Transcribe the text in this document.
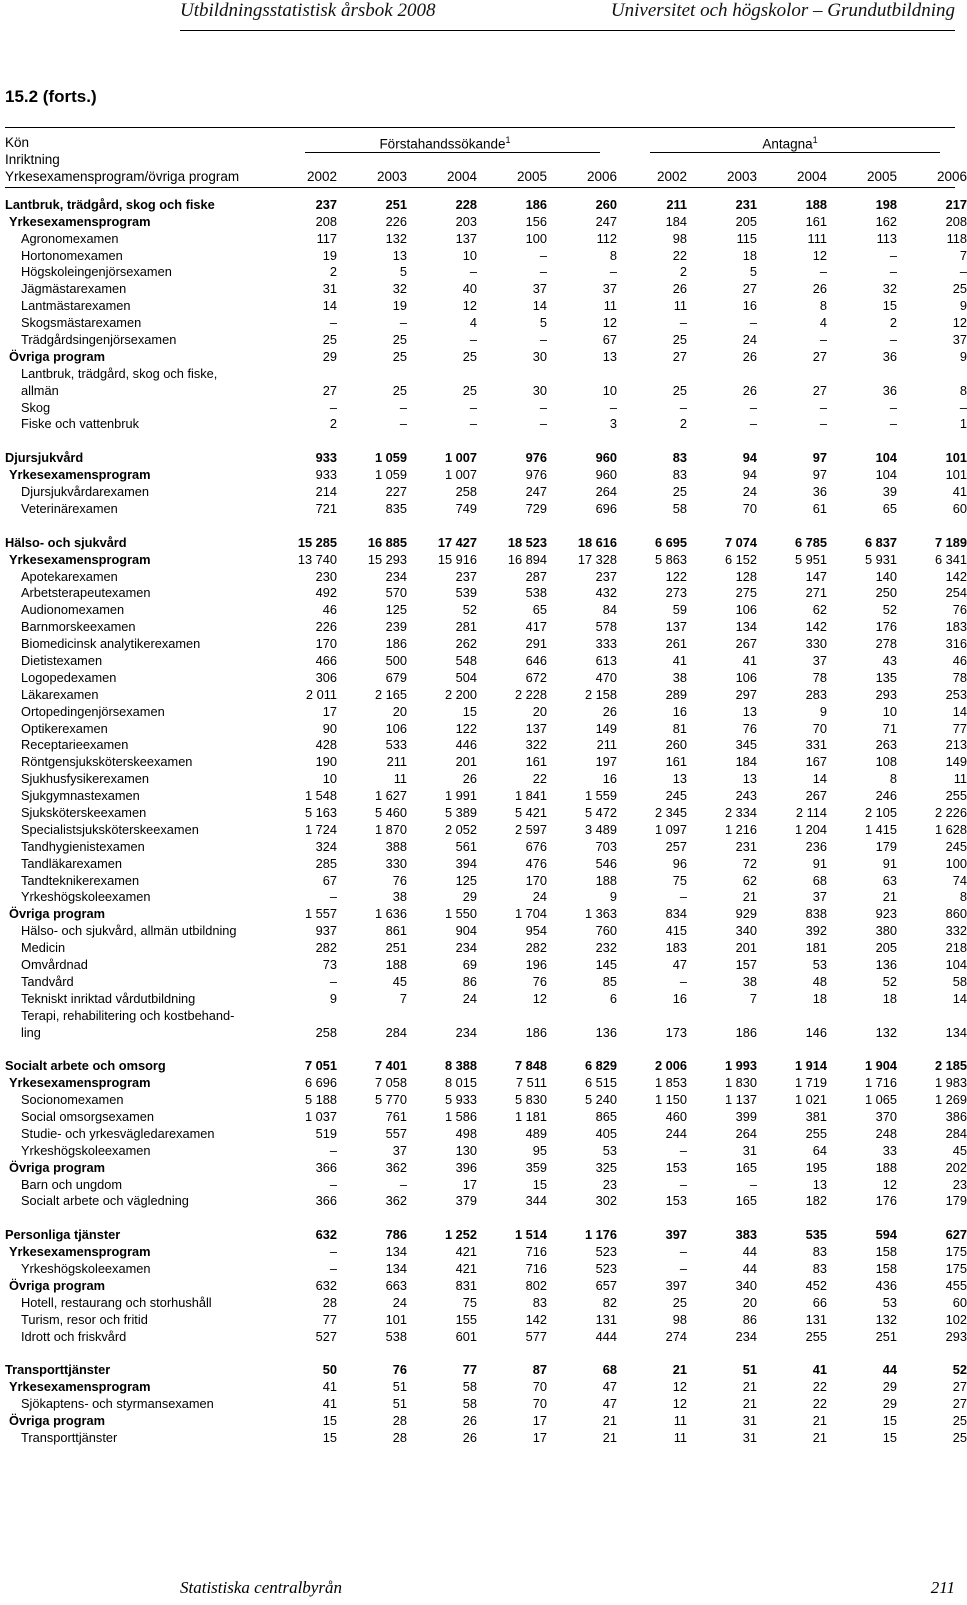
Utbildningsstatistisk årsbok 2008	Universitet och högskolor – Grundutbildning
15.2 (forts.)
Kön
Inriktning
Yrkesexamensprogram/övriga program
Förstahandssökande$^1$	Antagna$^1$
2002	2003	2004	2005	2006	2002	2003	2004	2005	2006
Lantbruk, trädgård, skog och fiske	237	251	228	186	260	211	231	188	198	217
Yrkesexamensprogram	208	226	203	156	247	184	205	161	162	208
Agronomexamen	117	132	137	100	112	98	115	111	113	118
Hortonomexamen	19	13	10	–	8	22	18	12	–	7
Högskoleingenjörsexamen	2	5	–	–	–	2	5	–	–	–
Jägmästarexamen	31	32	40	37	37	26	27	26	32	25
Lantmästarexamen	14	19	12	14	11	11	16	8	15	9
Skogsmästarexamen	–	–	4	5	12	–	–	4	2	12
Trädgårdsingenjörsexamen	25	25	–	–	67	25	24	–	–	37
Övriga program	29	25	25	30	13	27	26	27	36	9
Lantbruk, trädgård, skog och fiske,
allmän	27	25	25	30	10	25	26	27	36	8
Skog	–	–	–	–	–	–	–	–	–	–
Fiske och vattenbruk	2	–	–	–	3	2	–	–	–	1
Djursjukvård	933	1 059	1 007	976	960	83	94	97	104	101
Yrkesexamensprogram	933	1 059	1 007	976	960	83	94	97	104	101
Djursjukvårdarexamen	214	227	258	247	264	25	24	36	39	41
Veterinärexamen	721	835	749	729	696	58	70	61	65	60
Hälso- och sjukvård	15 285	16 885	17 427	18 523	18 616	6 695	7 074	6 785	6 837	7 189
Yrkesexamensprogram	13 740	15 293	15 916	16 894	17 328	5 863	6 152	5 951	5 931	6 341
Apotekarexamen	230	234	237	287	237	122	128	147	140	142
Arbetsterapeutexamen	492	570	539	538	432	273	275	271	250	254
Audionomexamen	46	125	52	65	84	59	106	62	52	76
Barnmorskeexamen	226	239	281	417	578	137	134	142	176	183
Biomedicinsk analytikerexamen	170	186	262	291	333	261	267	330	278	316
Dietistexamen	466	500	548	646	613	41	41	37	43	46
Logopedexamen	306	679	504	672	470	38	106	78	135	78
Läkarexamen	2 011	2 165	2 200	2 228	2 158	289	297	283	293	253
Ortopedingenjörsexamen	17	20	15	20	26	16	13	9	10	14
Optikerexamen	90	106	122	137	149	81	76	70	71	77
Receptarieexamen	428	533	446	322	211	260	345	331	263	213
Röntgensjuksköterskeexamen	190	211	201	161	197	161	184	167	108	149
Sjukhusfysikerexamen	10	11	26	22	16	13	13	14	8	11
Sjukgymnastexamen	1 548	1 627	1 991	1 841	1 559	245	243	267	246	255
Sjuksköterskeexamen	5 163	5 460	5 389	5 421	5 472	2 345	2 334	2 114	2 105	2 226
Specialistsjuksköterskeexamen	1 724	1 870	2 052	2 597	3 489	1 097	1 216	1 204	1 415	1 628
Tandhygienistexamen	324	388	561	676	703	257	231	236	179	245
Tandläkarexamen	285	330	394	476	546	96	72	91	91	100
Tandteknikerexamen	67	76	125	170	188	75	62	68	63	74
Yrkeshögskoleexamen	–	38	29	24	9	–	21	37	21	8
Övriga program	1 557	1 636	1 550	1 704	1 363	834	929	838	923	860
Hälso- och sjukvård, allmän utbildning	937	861	904	954	760	415	340	392	380	332
Medicin	282	251	234	282	232	183	201	181	205	218
Omvårdnad	73	188	69	196	145	47	157	53	136	104
Tandvård	–	45	86	76	85	–	38	48	52	58
Tekniskt inriktad vårdutbildning	9	7	24	12	6	16	7	18	18	14
Terapi, rehabilitering och kostbehand-
ling	258	284	234	186	136	173	186	146	132	134
Socialt arbete och omsorg	7 051	7 401	8 388	7 848	6 829	2 006	1 993	1 914	1 904	2 185
Yrkesexamensprogram	6 696	7 058	8 015	7 511	6 515	1 853	1 830	1 719	1 716	1 983
Socionomexamen	5 188	5 770	5 933	5 830	5 240	1 150	1 137	1 021	1 065	1 269
Social omsorgsexamen	1 037	761	1 586	1 181	865	460	399	381	370	386
Studie- och yrkesvägledarexamen	519	557	498	489	405	244	264	255	248	284
Yrkeshögskoleexamen	–	37	130	95	53	–	31	64	33	45
Övriga program	366	362	396	359	325	153	165	195	188	202
Barn och ungdom	–	–	17	15	23	–	–	13	12	23
Socialt arbete och vägledning	366	362	379	344	302	153	165	182	176	179
Personliga tjänster	632	786	1 252	1 514	1 176	397	383	535	594	627
Yrkesexamensprogram	–	134	421	716	523	–	44	83	158	175
Yrkeshögskoleexamen	–	134	421	716	523	–	44	83	158	175
Övriga program	632	663	831	802	657	397	340	452	436	455
Hotell, restaurang och storhushåll	28	24	75	83	82	25	20	66	53	60
Turism, resor och fritid	77	101	155	142	131	98	86	131	132	102
Idrott och friskvård	527	538	601	577	444	274	234	255	251	293
Transporttjänster	50	76	77	87	68	21	51	41	44	52
Yrkesexamensprogram	41	51	58	70	47	12	21	22	29	27
Sjökaptens- och styrmansexamen	41	51	58	70	47	12	21	22	29	27
Övriga program	15	28	26	17	21	11	31	21	15	25
Transporttjänster	15	28	26	17	21	11	31	21	15	25
Statistiska centralbyrån	211
